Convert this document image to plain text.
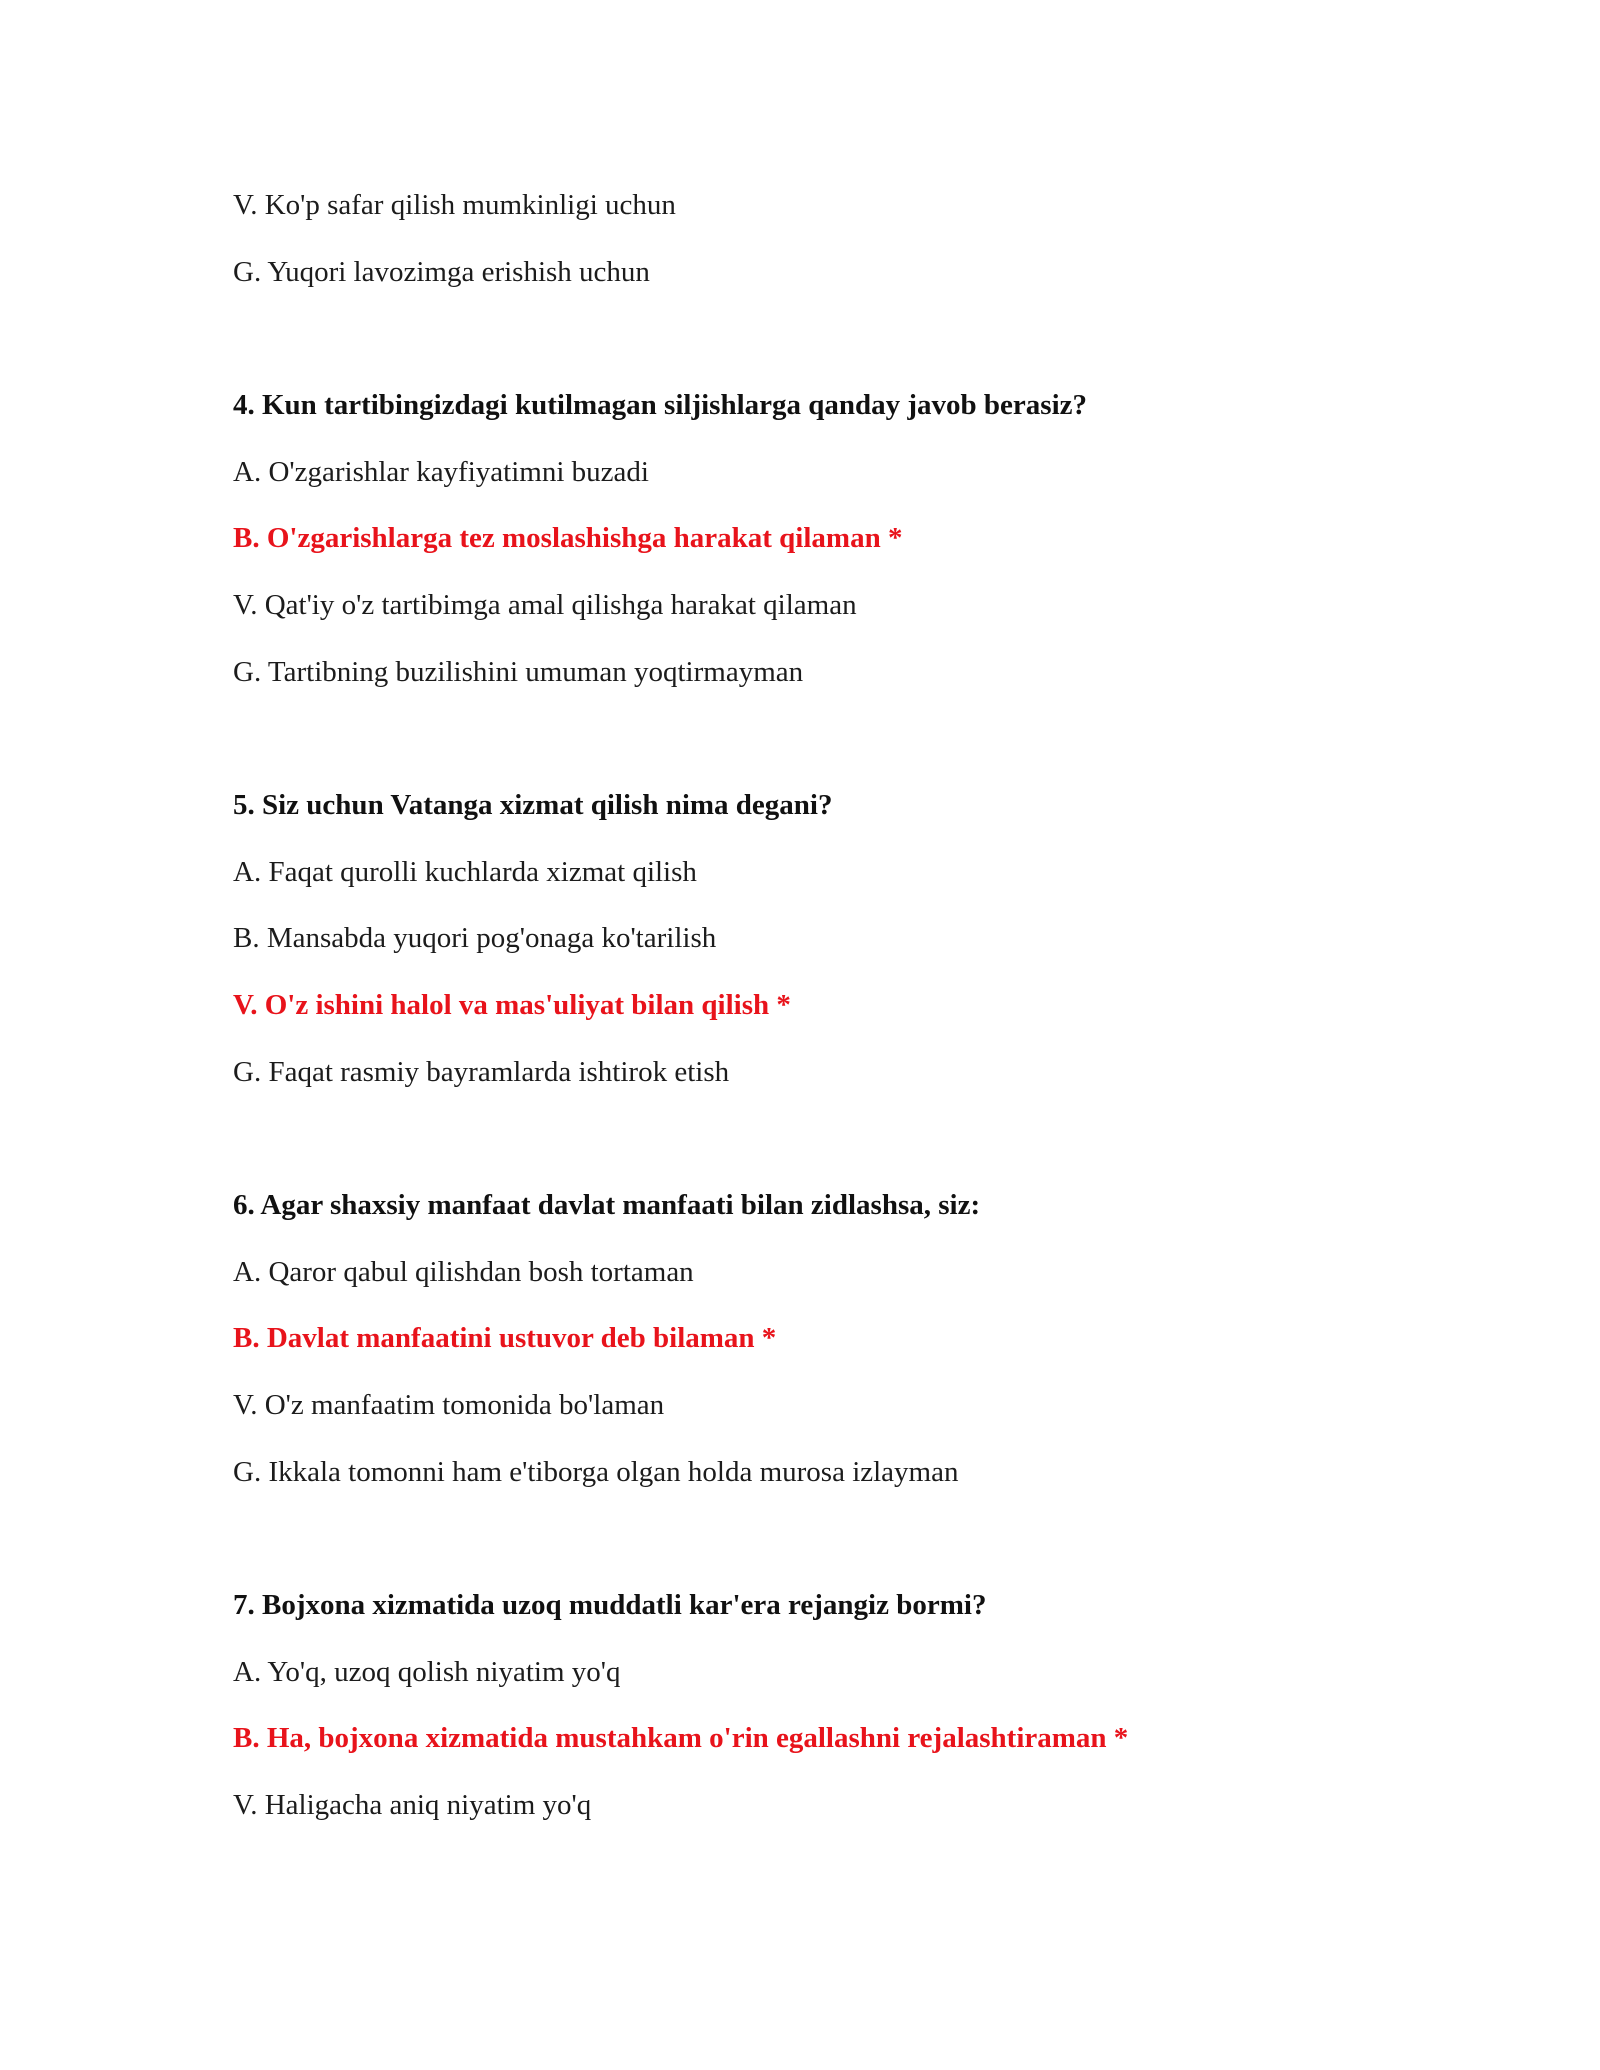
V. Ko'p safar qilish mumkinligi uchun
G. Yuqori lavozimga erishish uchun
4. Kun tartibingizdagi kutilmagan siljishlarga qanday javob berasiz?
A. O'zgarishlar kayfiyatimni buzadi
B. O'zgarishlarga tez moslashishga harakat qilaman *
V. Qat'iy o'z tartibimga amal qilishga harakat qilaman
G. Tartibning buzilishini umuman yoqtirmayman
5. Siz uchun Vatanga xizmat qilish nima degani?
A. Faqat qurolli kuchlarda xizmat qilish
B. Mansabda yuqori pog'onaga ko'tarilish
V. O'z ishini halol va mas'uliyat bilan qilish *
G. Faqat rasmiy bayramlarda ishtirok etish
6. Agar shaxsiy manfaat davlat manfaati bilan zidlashsa, siz:
A. Qaror qabul qilishdan bosh tortaman
B. Davlat manfaatini ustuvor deb bilaman *
V. O'z manfaatim tomonida bo'laman
G. Ikkala tomonni ham e'tiborga olgan holda murosa izlayman
7. Bojxona xizmatida uzoq muddatli kar'era rejangiz bormi?
A. Yo'q, uzoq qolish niyatim yo'q
B. Ha, bojxona xizmatida mustahkam o'rin egallashni rejalashtiraman *
V. Haligacha aniq niyatim yo'q
